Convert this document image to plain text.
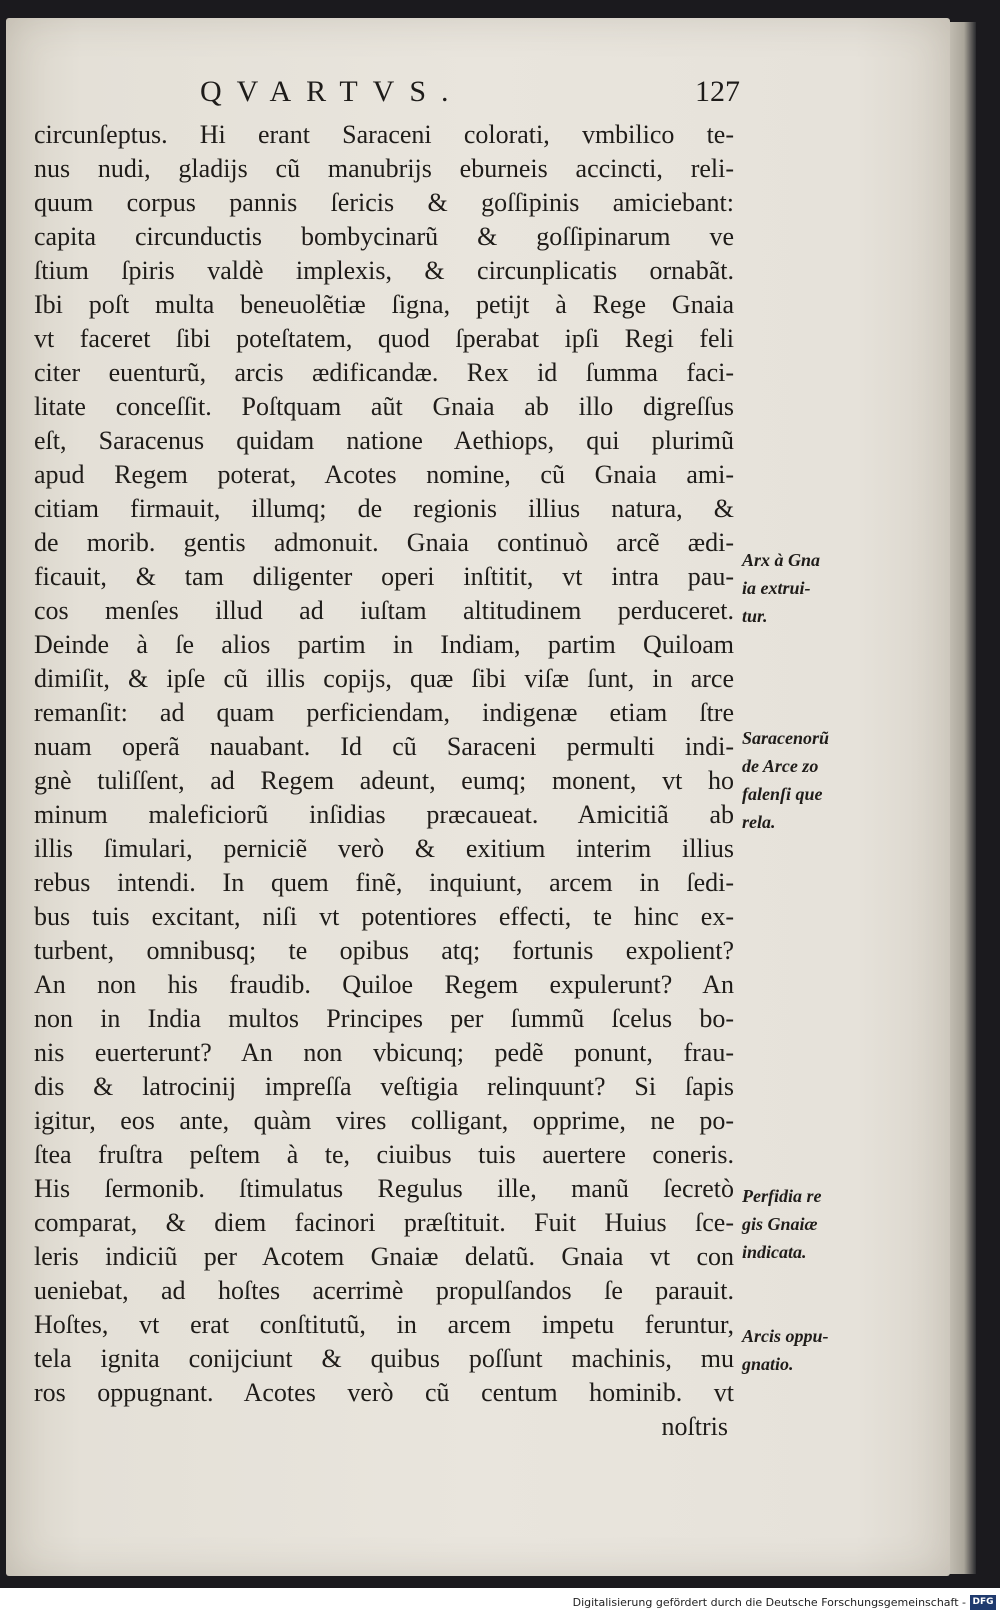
QVARTVS.	127
circunſeptus. Hi erant Saraceni colorati, vmbilico te-
nus nudi, gladijs cũ manubrijs eburneis accincti, reli-
quum corpus pannis ſericis & goſſipinis amiciebant:
capita circunductis bombycinarũ & goſſipinarum ve
ſtium ſpiris valdè implexis, & circunplicatis ornabãt.
Ibi poſt multa beneuolẽtiæ ſigna, petijt à Rege Gnaia
vt faceret ſibi poteſtatem, quod ſperabat ipſi Regi feli
citer euenturũ, arcis ædificandæ. Rex id ſumma faci-
litate conceſſit. Poſtquam aũt Gnaia ab illo digreſſus
eſt, Saracenus quidam natione Aethiops, qui plurimũ
apud Regem poterat, Acotes nomine, cũ Gnaia ami-
citiam firmauit, illumq; de regionis illius natura, &
de morib. gentis admonuit. Gnaia continuò arcẽ ædi-
ficauit, & tam diligenter operi inſtitit, vt intra pau-
cos menſes illud ad iuſtam altitudinem perduceret.
Deinde à ſe alios partim in Indiam, partim Quiloam
dimiſit, & ipſe cũ illis copijs, quæ ſibi viſæ ſunt, in arce
remanſit: ad quam perficiendam, indigenæ etiam ſtre
nuam operã nauabant. Id cũ Saraceni permulti indi-
gnè tuliſſent, ad Regem adeunt, eumq; monent, vt ho
minum maleficiorũ inſidias præcaueat. Amicitiã ab
illis ſimulari, perniciẽ verò & exitium interim illius
rebus intendi. In quem finẽ, inquiunt, arcem in ſedi-
bus tuis excitant, niſi vt potentiores effecti, te hinc ex-
turbent, omnibusq; te opibus atq; fortunis expolient?
An non his fraudib. Quiloe Regem expulerunt? An
non in India multos Principes per ſummũ ſcelus bo-
nis euerterunt? An non vbicunq; pedẽ ponunt, frau-
dis & latrocinij impreſſa veſtigia relinquunt? Si ſapis
igitur, eos ante, quàm vires colligant, opprime, ne po-
ſtea fruſtra peſtem à te, ciuibus tuis auertere coneris.
His ſermonib. ſtimulatus Regulus ille, manũ ſecretò
comparat, & diem facinori præſtituit. Fuit Huius ſce-
leris indiciũ per Acotem Gnaiæ delatũ. Gnaia vt con
ueniebat, ad hoſtes acerrimè propulſandos ſe parauit.
Hoſtes, vt erat conſtitutũ, in arcem impetu feruntur,
tela ignita conijciunt & quibus poſſunt machinis, mu
ros oppugnant. Acotes verò cũ centum hominib. vt
noſtris
Arx à Gna
ia extrui-
tur.
Saracenorũ
de Arce zo
falenſi que
rela.
Perfidia re
gis Gnaiæ
indicata.
Arcis oppu-
gnatio.
Digitalisierung gefördert durch die Deutsche Forschungsgemeinschaft - DFG
